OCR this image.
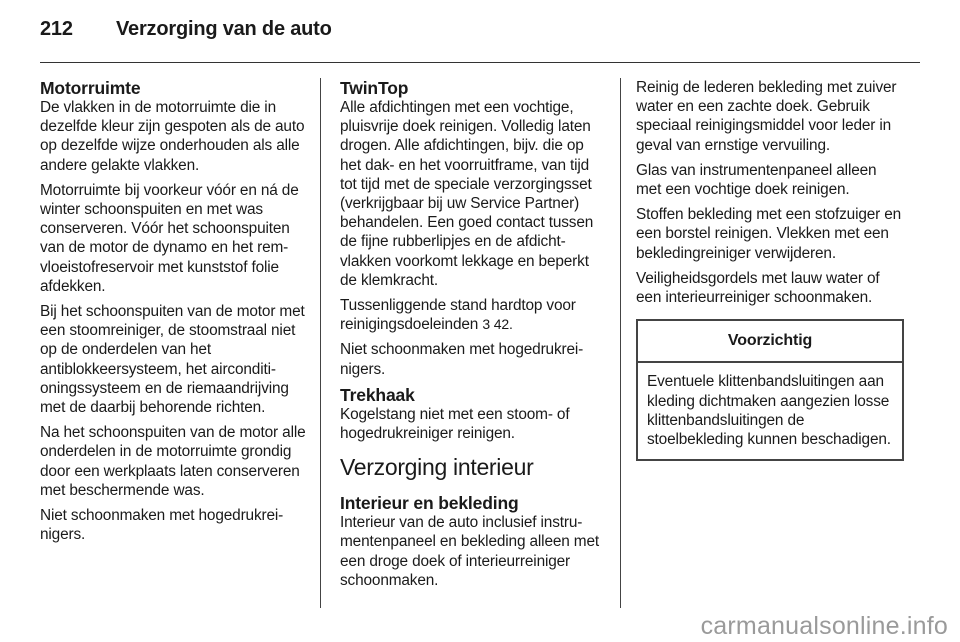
212 Verzorging van de auto
Motorruimte

De vlakken in de motorruimte die in dezelfde kleur zijn gespoten als de auto op dezelfde wijze onderhouden als alle andere gelakte vlakken.

Motorruimte bij voorkeur vóór en ná de winter schoonspuiten en met was conserveren. Vóór het schoonspuiten van de motor de dynamo en het remvloeistofreservoir met kunststof folie afdekken.

Bij het schoonspuiten van de motor met een stoomreiniger, de stoomstraal niet op de onderdelen van het antiblokkeersysteem, het airconditioningssysteem en de riemaandrijving met de daarbij behorende richten.

Na het schoonspuiten van de motor alle onderdelen in de motorruimte grondig door een werkplaats laten conserveren met beschermende was.

Niet schoonmaken met hogedrukreinigers.

TwinTop

Alle afdichtingen met een vochtige, pluisvrije doek reinigen. Volledig laten drogen. Alle afdichtingen, bijv. die op het dak- en het voorruitframe, van tijd tot tijd met de speciale verzorgingsset (verkrijgbaar bij uw Service Partner) behandelen. Een goed contact tussen de fijne rubberlipjes en de afdichtvlakken voorkomt lekkage en beperkt de klemkracht.

Tussenliggende stand hardtop voor reinigingsdoeleinden 3 42.

Niet schoonmaken met hogedrukreinigers.

Trekhaak

Kogelstang niet met een stoom- of hogedrukreiniger reinigen.

Verzorging interieur
Interieur en bekleding

Interieur van de auto inclusief instrumentenpaneel en bekleding alleen met een droge doek of interieurreiniger schoonmaken.

Reinig de lederen bekleding met zuiver water en een zachte doek. Gebruik speciaal reinigingsmiddel voor leder in geval van ernstige vervuiling.

Glas van instrumentenpaneel alleen met een vochtige doek reinigen.

Stoffen bekleding met een stofzuiger en een borstel reinigen. Vlekken met een bekledingreiniger verwijderen.

Veiligheidsgordels met lauw water of een interieurreiniger schoonmaken.

Voorzichtig

Eventuele klittenbandsluitingen aan kleding dichtmaken aangezien losse klittenbandsluitingen de stoelbekleding kunnen beschadigen.

carmanualsonline.info
